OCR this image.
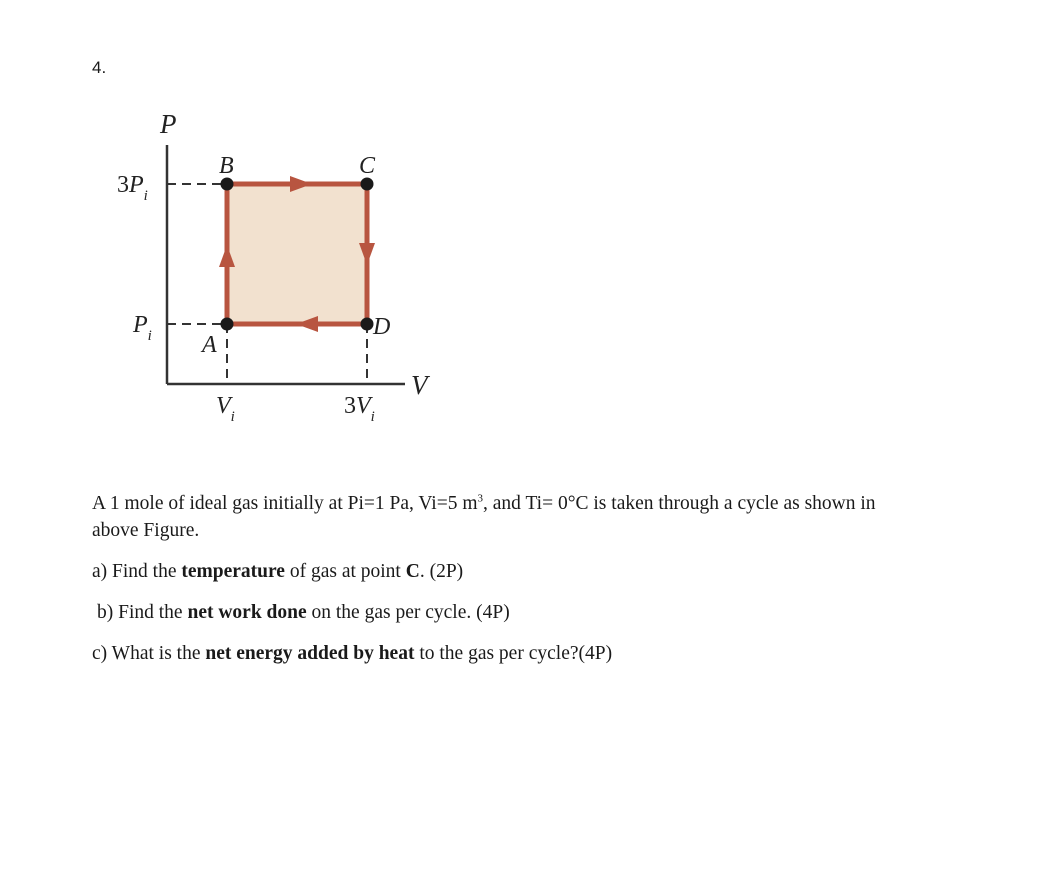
4.
P
V
3Pi
Pi
Vi	3Vi
A
B	C
D

A 1 mole of ideal gas initially at Pi=1 Pa, Vi=5 $m^3$, and Ti= 0°C is taken through a cycle as shown in above Figure.

a) Find the temperature of gas at point C. (2P)

b) Find the net work done on the gas per cycle. (4P)

c) What is the net energy added by heat to the gas per cycle?(4P)
